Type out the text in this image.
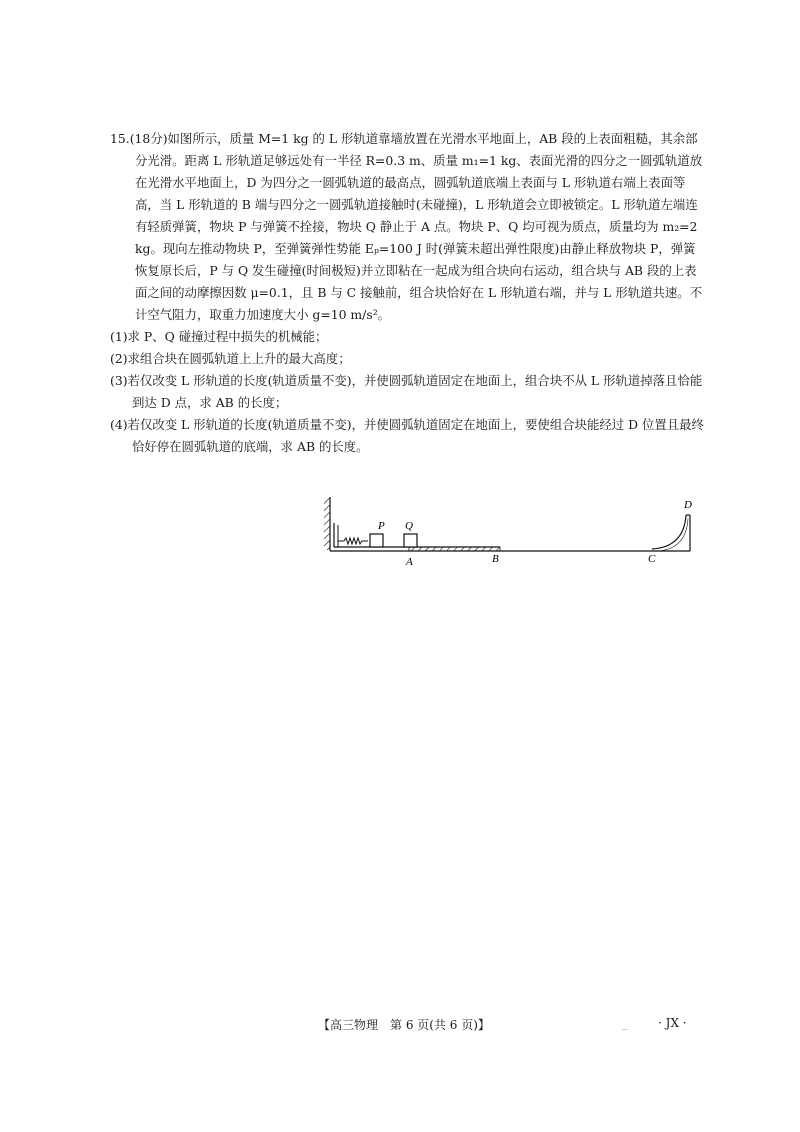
15.(18分)如图所示，质量 M=1 kg 的 L 形轨道靠墙放置在光滑水平地面上，AB 段的上表面粗糙，其余部分光滑。距离 L 形轨道足够远处有一半径 R=0.3 m、质量 m₁=1 kg、表面光滑的四分之一圆弧轨道放在光滑水平地面上，D 为四分之一圆弧轨道的最高点，圆弧轨道底端上表面与 L 形轨道右端上表面等高，当 L 形轨道的 B 端与四分之一圆弧轨道接触时(未碰撞)，L 形轨道会立即被锁定。L 形轨道左端连有轻质弹簧，物块 P 与弹簧不拴接，物块 Q 静止于 A 点。物块 P、Q 均可视为质点，质量均为 m₂=2 kg。现向左推动物块 P，至弹簧弹性势能 Eₚ=100 J 时(弹簧未超出弹性限度)由静止释放物块 P，弹簧恢复原长后，P 与 Q 发生碰撞(时间极短)并立即粘在一起成为组合块向右运动，组合块与 AB 段的上表面之间的动摩擦因数 μ=0.1，且 B 与 C 接触前，组合块恰好在 L 形轨道右端，并与 L 形轨道共速。不计空气阻力，取重力加速度大小 g=10 m/s²。

(1)求 P、Q 碰撞过程中损失的机械能；

(2)求组合块在圆弧轨道上上升的最大高度；

(3)若仅改变 L 形轨道的长度(轨道质量不变)，并使圆弧轨道固定在地面上，组合块不从 L 形轨道掉落且恰能到达 D 点，求 AB 的长度；

(4)若仅改变 L 形轨道的长度(轨道质量不变)，并使圆弧轨道固定在地面上，要使组合块能经过 D 位置且最终恰好停在圆弧轨道的底端，求 AB 的长度。

P Q
D
A	B	C
【高三物理　第 6 页(共 6 页)】	_	· JX ·
